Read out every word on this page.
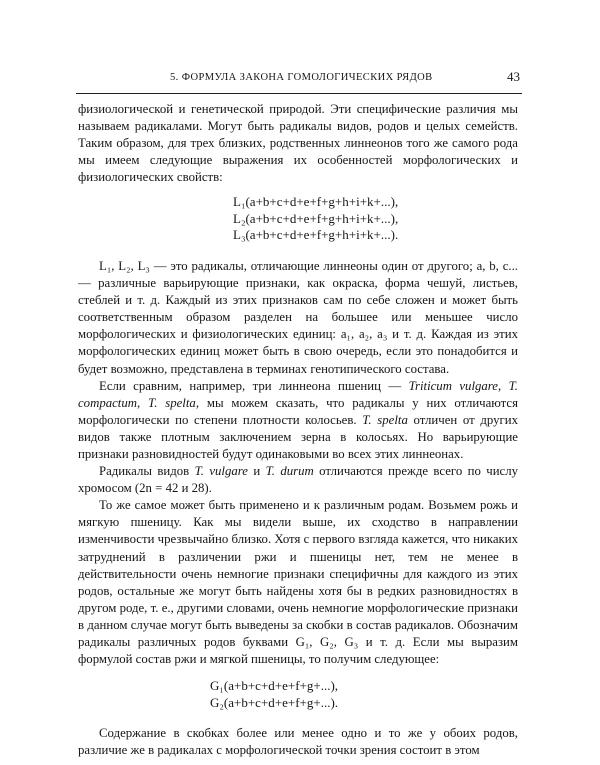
5. ФОРМУЛА ЗАКОНА ГОМОЛОГИЧЕСКИХ РЯДОВ	43

физиологической и генетической природой. Эти специфические различия мы называем радикалами. Могут быть радикалы видов, родов и целых семейств. Таким образом, для трех близких, родственных линнеонов того же самого рода мы имеем следующие выражения их особенностей морфологических и физиологических свойств:

L₁(a+b+c+d+e+f+g+h+i+k+...),
L₂(a+b+c+d+e+f+g+h+i+k+...),
L₃(a+b+c+d+e+f+g+h+i+k+...).

L₁, L₂, L₃ — это радикалы, отличающие линнеоны один от другого; a, b, c... — различные варьирующие признаки, как окраска, форма чешуй, листьев, стеблей и т. д. Каждый из этих признаков сам по себе сложен и может быть соответственным образом разделен на большее или меньшее число морфологических и физиологических единиц: a₁, a₂, a₃ и т. д. Каждая из этих морфологических единиц может быть в свою очередь, если это понадобится и будет возможно, представлена в терминах генотипического состава.

Если сравним, например, три линнеона пшениц — Triticum vulgare, T. compactum, T. spelta, мы можем сказать, что радикалы у них отличаются морфологически по степени плотности колосьев. T. spelta отличен от других видов также плотным заключением зерна в колосьях. Но варьирующие признаки разновидностей будут одинаковыми во всех этих линнеонах.

Радикалы видов T. vulgare и T. durum отличаются прежде всего по числу хромосом (2n = 42 и 28).

То же самое может быть применено и к различным родам. Возьмем рожь и мягкую пшеницу. Как мы видели выше, их сходство в направлении изменчивости чрезвычайно близко. Хотя с первого взгляда кажется, что никаких затруднений в различении ржи и пшеницы нет, тем не менее в действительности очень немногие признаки специфичны для каждого из этих родов, остальные же могут быть найдены хотя бы в редких разновидностях в другом роде, т. е., другими словами, очень немногие морфологические признаки в данном случае могут быть выведены за скобки в состав радикалов. Обозначим радикалы различных родов буквами G₁, G₂, G₃ и т. д. Если мы выразим формулой состав ржи и мягкой пшеницы, то получим следующее:

G₁(a+b+c+d+e+f+g+...),
G₂(a+b+c+d+e+f+g+...).

Содержание в скобках более или менее одно и то же у обоих родов, различие же в радикалах с морфологической точки зрения состоит в этом
